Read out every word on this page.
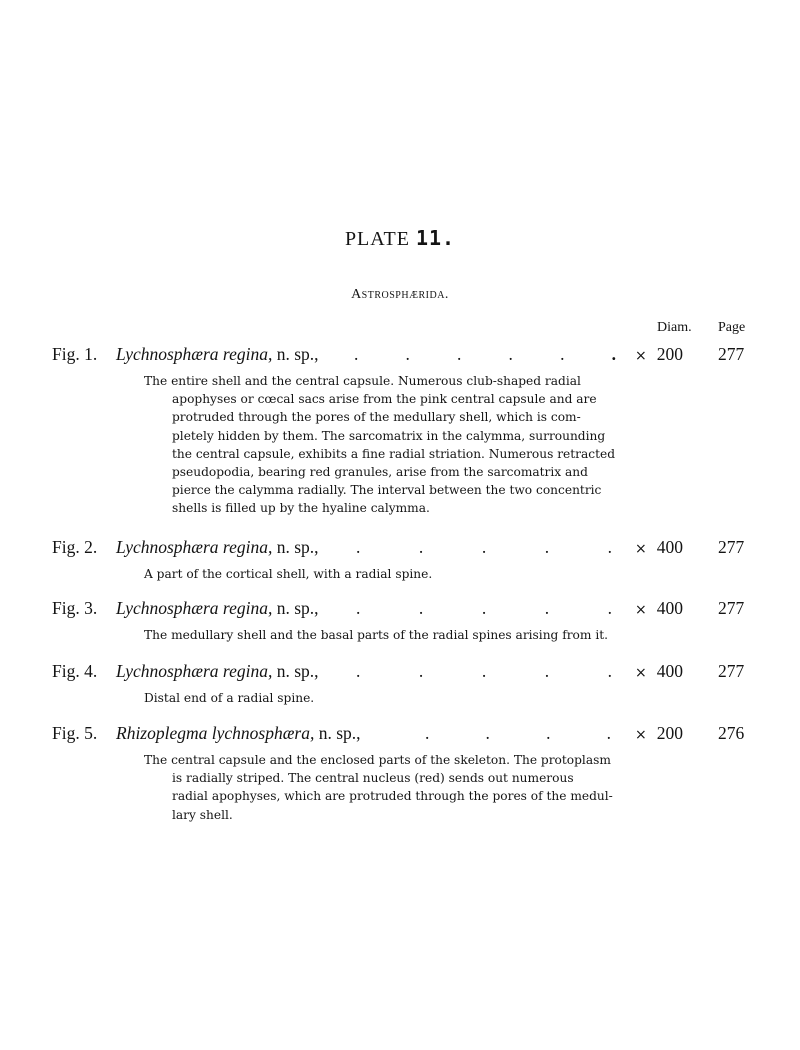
PLATE 11.
Astrosphærida.
Diam. Page
Fig. 1. Lychnosphæra regina, n. sp., .	.	.	.	.	. × 200 277
The entire shell and the central capsule. Numerous club-shaped radial
apophyses or cœcal sacs arise from the pink central capsule and are
protruded through the pores of the medullary shell, which is com-
pletely hidden by them. The sarcomatrix in the calymma, surrounding
the central capsule, exhibits a fine radial striation. Numerous retracted
pseudopodia, bearing red granules, arise from the sarcomatrix and
pierce the calymma radially. The interval between the two concentric
shells is filled up by the hyaline calymma.
Fig. 2. Lychnosphæra regina, n. sp., .	.	.	.	. × 400 277
A part of the cortical shell, with a radial spine.
Fig. 3. Lychnosphæra regina, n. sp., .	.	.	.	. × 400 277
The medullary shell and the basal parts of the radial spines arising from it.
Fig. 4. Lychnosphæra regina, n. sp., .	.	.	.	. × 400 277
Distal end of a radial spine.
Fig. 5. Rhizoplegma lychnosphæra, n. sp.,	.	.	.	. × 200 276
The central capsule and the enclosed parts of the skeleton. The protoplasm
is radially striped. The central nucleus (red) sends out numerous
radial apophyses, which are protruded through the pores of the medul-
lary shell.
